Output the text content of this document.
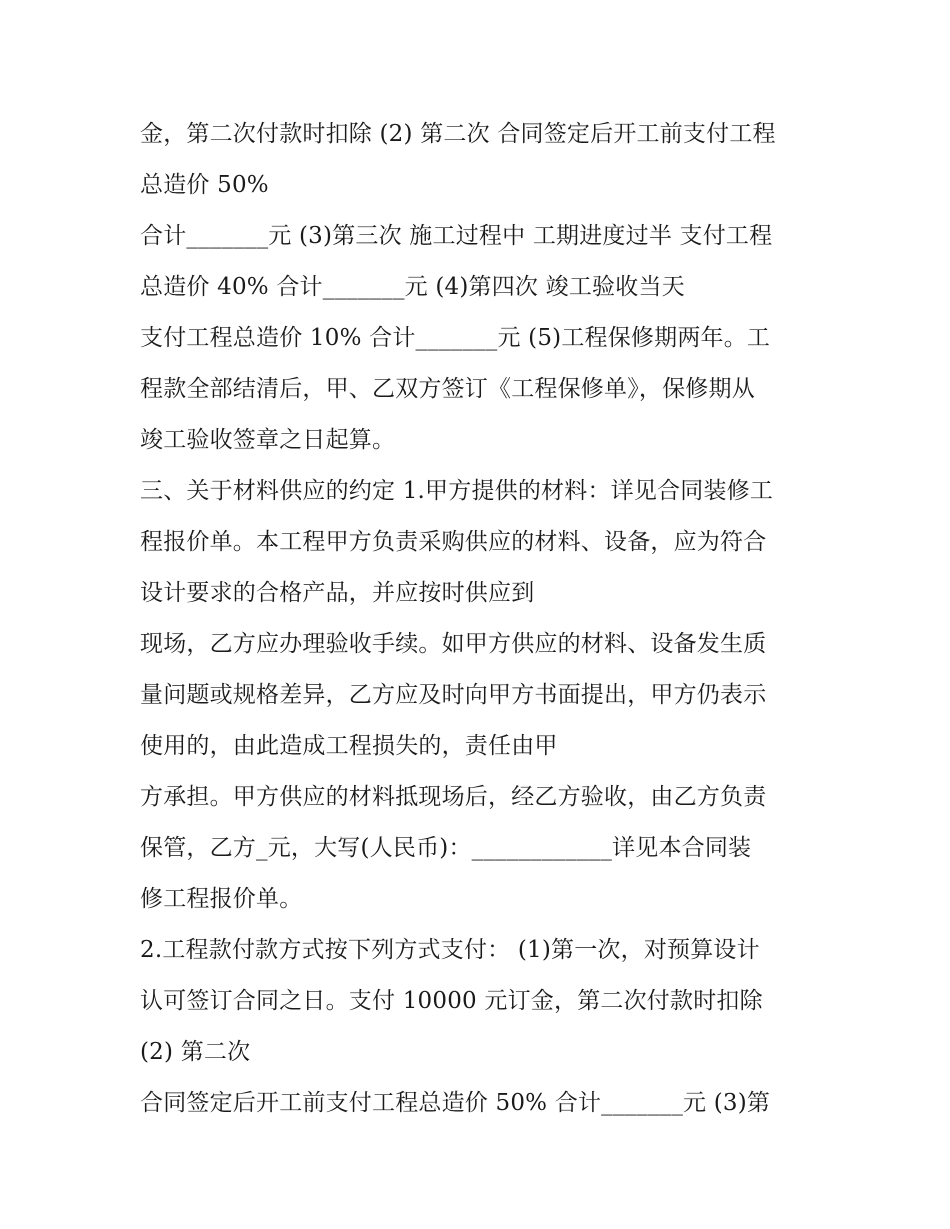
金，第二次付款时扣除 (2) 第二次 合同签定后开工前支付工程
总造价 50%
合计_______元 (3)第三次 施工过程中 工期进度过半 支付工程
总造价 40% 合计_______元 (4)第四次 竣工验收当天
支付工程总造价 10% 合计_______元 (5)工程保修期两年。工
程款全部结清后，甲、乙双方签订《工程保修单》，保修期从
竣工验收签章之日起算。
三、关于材料供应的约定 1.甲方提供的材料：详见合同装修工
程报价单。本工程甲方负责采购供应的材料、设备，应为符合
设计要求的合格产品，并应按时供应到
现场，乙方应办理验收手续。如甲方供应的材料、设备发生质
量问题或规格差异，乙方应及时向甲方书面提出，甲方仍表示
使用的，由此造成工程损失的，责任由甲
方承担。甲方供应的材料抵现场后，经乙方验收，由乙方负责
保管，乙方_元，大写(人民币)：____________详见本合同装
修工程报价单。
2.工程款付款方式按下列方式支付： (1)第一次，对预算设计
认可签订合同之日。支付 10000 元订金，第二次付款时扣除
(2) 第二次
合同签定后开工前支付工程总造价 50% 合计_______元 (3)第
